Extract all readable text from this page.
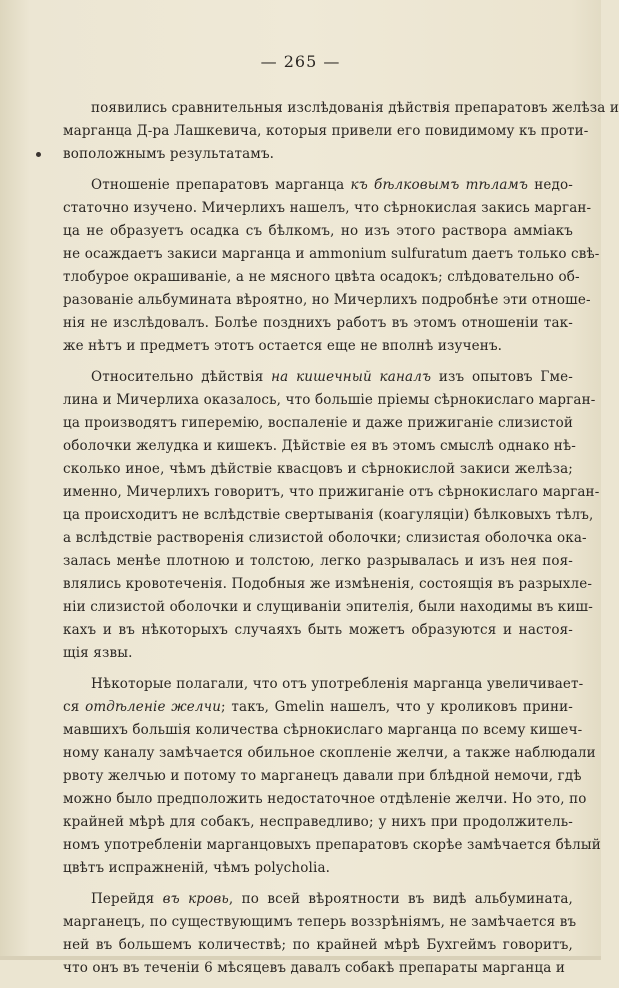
— 265 —
появились сравнительныя изслѣдованія дѣйствія препаратовъ желѣза и
марганца Д-ра Лашкевича, которыя привели его повидимому къ проти-
воположнымъ результатамъ.
Отношеніе препаратовъ марганца къ бѣлковымъ тѣламъ недо-
статочно изучено. Мичерлихъ нашелъ, что сѣрнокислая закись марган-
ца не образуетъ осадка съ бѣлкомъ, но изъ этого раствора аммiакъ
не осаждаетъ закиси марганца и ammonium sulfuratum даетъ только свѣ-
тлобурое окрашиваніе, а не мясного цвѣта осадокъ; слѣдовательно об-
разованіе альбумината вѣроятно, но Мичерлихъ подробнѣе эти отноше-
нія не изслѣдовалъ. Болѣе позднихъ работъ въ этомъ отношеніи так-
же нѣтъ и предметъ этотъ остается еще не вполнѣ изученъ.
Относительно дѣйствія на кишечный каналъ изъ опытовъ Гме-
лина и Мичерлиха оказалось, что большіе пріемы сѣрнокислаго марган-
ца производятъ гиперемію, воспаленіе и даже прижиганіе слизистой
оболочки желудка и кишекъ. Дѣйствіе ея въ этомъ смыслѣ однако нѣ-
сколько иное, чѣмъ дѣйствіе квасцовъ и сѣрнокислой закиси желѣза;
именно, Мичерлихъ говоритъ, что прижиганіе отъ сѣрнокислаго марган-
ца происходитъ не вслѣдствіе свертыванія (коагуляціи) бѣлковыхъ тѣлъ,
а вслѣдствіе растворенія слизистой оболочки; слизистая оболочка ока-
залась менѣе плотною и толстою, легко разрывалась и изъ нея поя-
влялись кровотеченія. Подобныя же измѣненія, состоящія въ разрыхле-
ніи слизистой оболочки и слущиваніи эпителія, были находимы въ киш-
кахъ и въ нѣкоторыхъ случаяхъ быть можетъ образуются и настоя-
щія язвы.
Нѣкоторые полагали, что отъ употребленія марганца увеличивает-
ся отдѣленіе желчи; такъ, Gmelin нашелъ, что у кроликовъ прини-
мавшихъ большія количества сѣрнокислаго марганца по всему кишеч-
ному каналу замѣчается обильное скопленіе желчи, а также наблюдали
рвоту желчью и потому то марганецъ давали при блѣдной немочи, гдѣ
можно было предположить недостаточное отдѣленіе желчи. Но это, по
крайней мѣрѣ для собакъ, несправедливо; у нихъ при продолжитель-
номъ употребленіи марганцовыхъ препаратовъ скорѣе замѣчается бѣлый
цвѣтъ испражненій, чѣмъ polycholia.
Перейдя въ кровь, по всей вѣроятности въ видѣ альбумината,
марганецъ, по существующимъ теперь воззрѣніямъ, не замѣчается въ
ней въ большемъ количествѣ; по крайней мѣрѣ Бухгеймъ говоритъ,
что онъ въ теченіи 6 мѣсяцевъ давалъ собакѣ препараты марганца и
